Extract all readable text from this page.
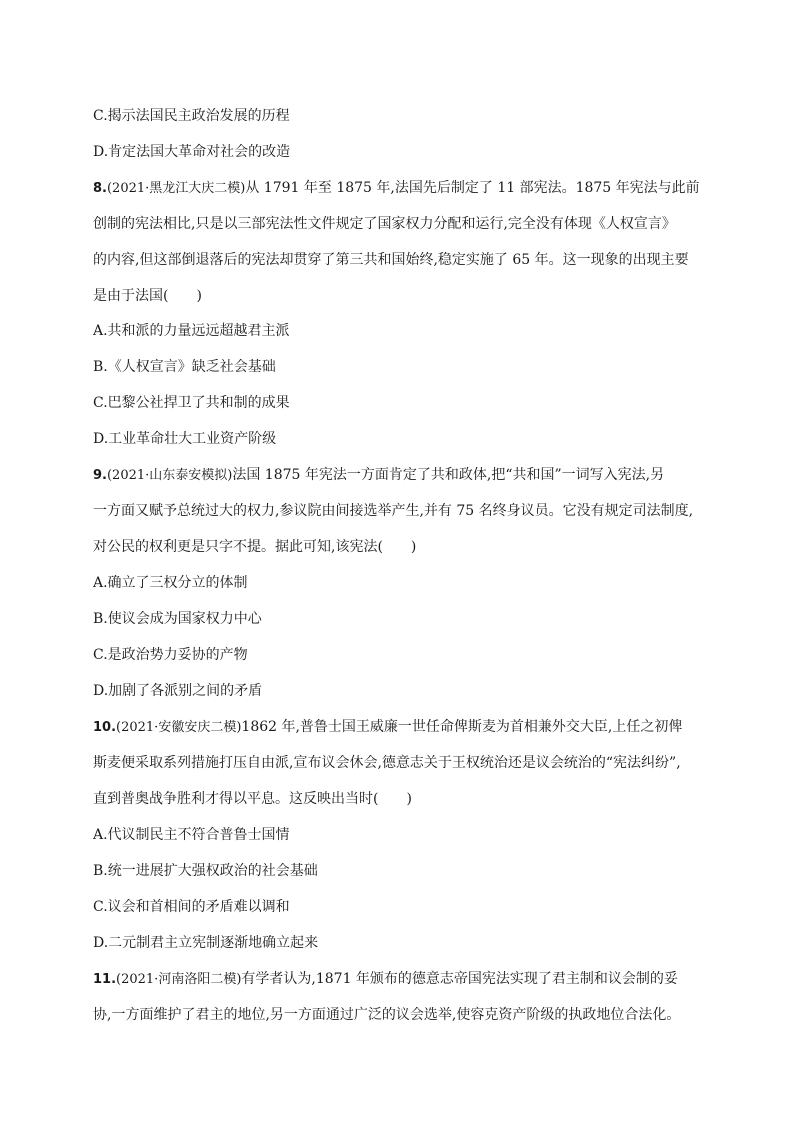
C.揭示法国民主政治发展的历程
D.肯定法国大革命对社会的改造
8.(2021·黑龙江大庆二模)从 1791 年至 1875 年,法国先后制定了 11 部宪法。1875 年宪法与此前
创制的宪法相比,只是以三部宪法性文件规定了国家权力分配和运行,完全没有体现《人权宣言》
的内容,但这部倒退落后的宪法却贯穿了第三共和国始终,稳定实施了 65 年。这一现象的出现主要
是由于法国(　　)
A.共和派的力量远远超越君主派
B.《人权宣言》缺乏社会基础
C.巴黎公社捍卫了共和制的成果
D.工业革命壮大工业资产阶级
9.(2021·山东泰安模拟)法国 1875 年宪法一方面肯定了共和政体,把“共和国”一词写入宪法,另
一方面又赋予总统过大的权力,参议院由间接选举产生,并有 75 名终身议员。它没有规定司法制度,
对公民的权利更是只字不提。据此可知,该宪法(　　)
A.确立了三权分立的体制
B.使议会成为国家权力中心
C.是政治势力妥协的产物
D.加剧了各派别之间的矛盾
10.(2021·安徽安庆二模)1862 年,普鲁士国王威廉一世任命俾斯麦为首相兼外交大臣,上任之初俾
斯麦便采取系列措施打压自由派,宣布议会休会,德意志关于王权统治还是议会统治的“宪法纠纷”,
直到普奥战争胜利才得以平息。这反映出当时(　　)
A.代议制民主不符合普鲁士国情
B.统一进展扩大强权政治的社会基础
C.议会和首相间的矛盾难以调和
D.二元制君主立宪制逐渐地确立起来
11.(2021·河南洛阳二模)有学者认为,1871 年颁布的德意志帝国宪法实现了君主制和议会制的妥
协,一方面维护了君主的地位,另一方面通过广泛的议会选举,使容克资产阶级的执政地位合法化。
